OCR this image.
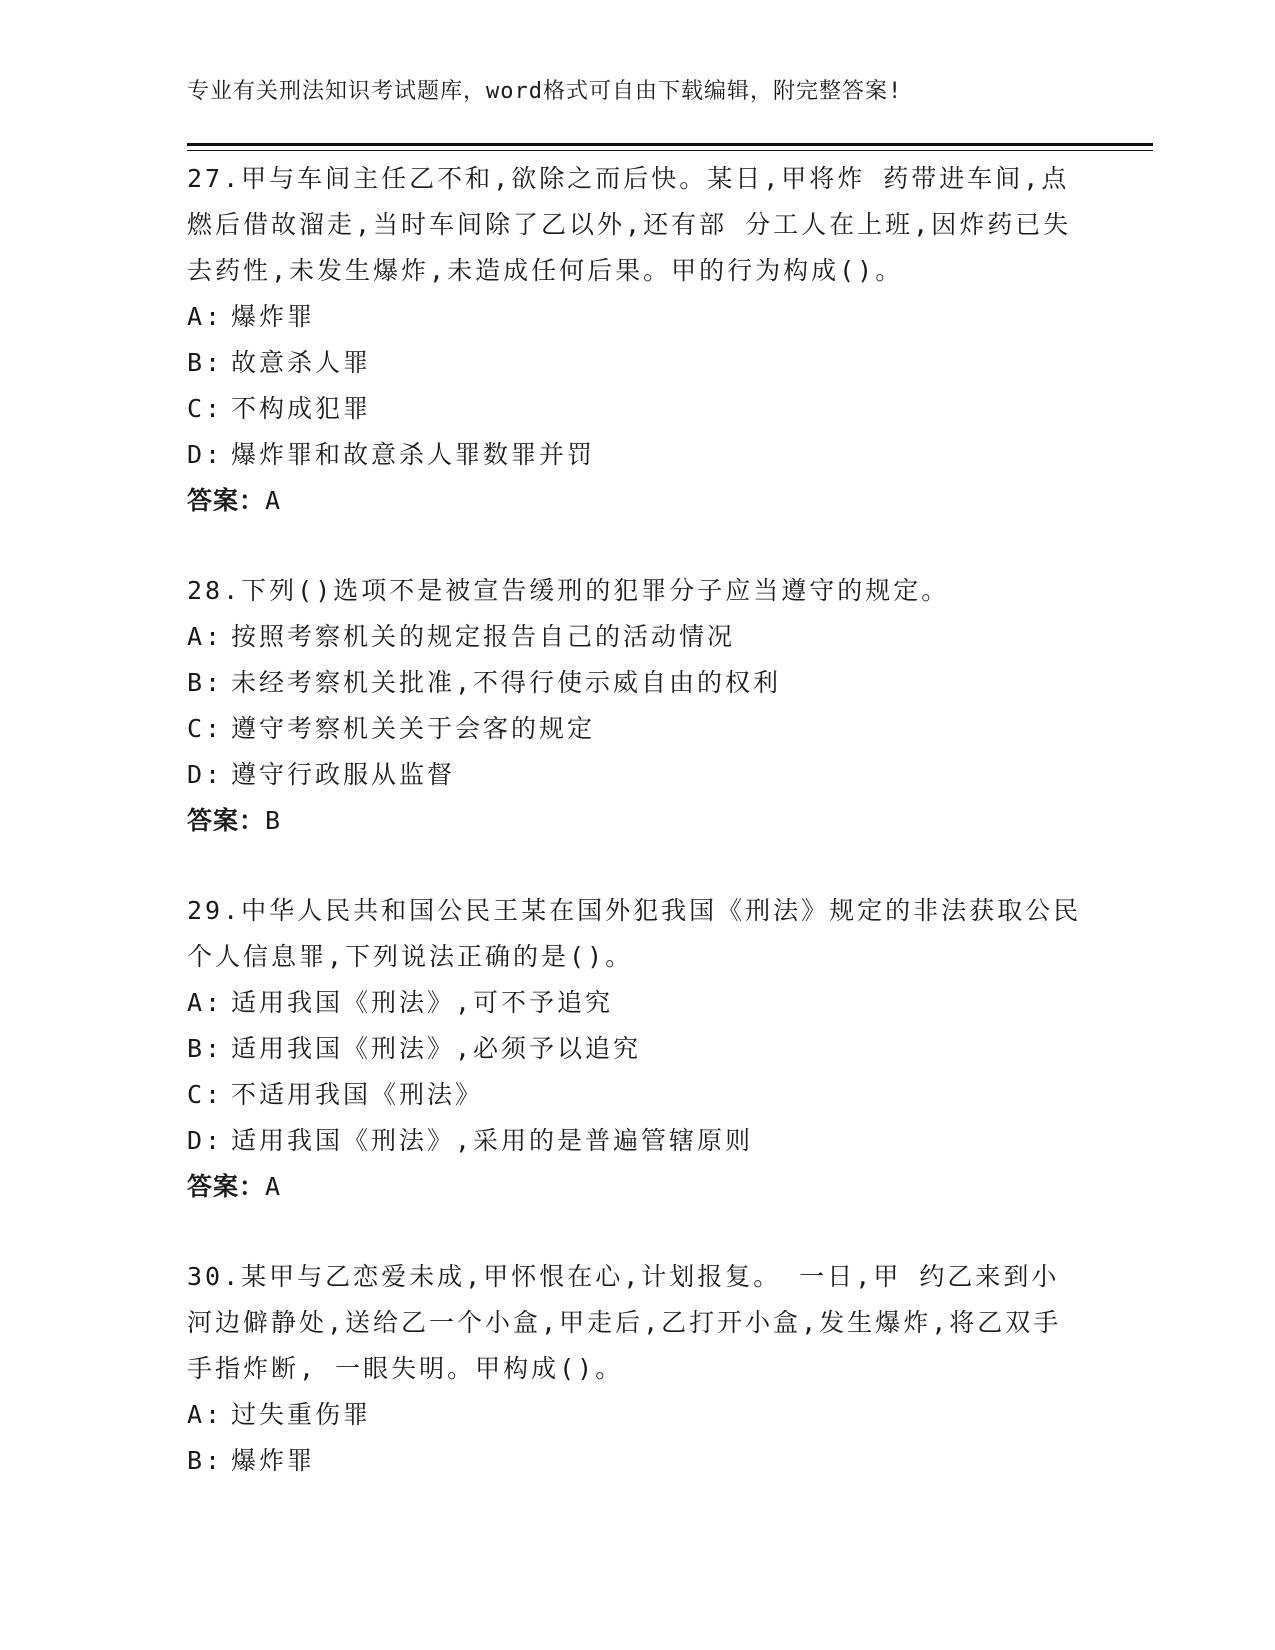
专业有关刑法知识考试题库，word格式可自由下载编辑，附完整答案!

27.甲与车间主任乙不和,欲除之而后快。某日,甲将炸 药带进车间,点燃后借故溜走,当时车间除了乙以外,还有部 分工人在上班,因炸药已失去药性,未发生爆炸,未造成任何后果。甲的行为构成()。

A: 爆炸罪
B: 故意杀人罪
C: 不构成犯罪
D: 爆炸罪和故意杀人罪数罪并罚
答案：A

28.下列()选项不是被宣告缓刑的犯罪分子应当遵守的规定。

A: 按照考察机关的规定报告自己的活动情况
B: 未经考察机关批准,不得行使示威自由的权利
C: 遵守考察机关关于会客的规定
D: 遵守行政服从监督
答案：B

29.中华人民共和国公民王某在国外犯我国《刑法》规定的非法获取公民个人信息罪,下列说法正确的是()。

A: 适用我国《刑法》,可不予追究
B: 适用我国《刑法》,必须予以追究
C: 不适用我国《刑法》
D: 适用我国《刑法》,采用的是普遍管辖原则
答案：A

30.某甲与乙恋爱未成,甲怀恨在心,计划报复。 一日,甲 约乙来到小河边僻静处,送给乙一个小盒,甲走后,乙打开小盒,发生爆炸,将乙双手手指炸断, 一眼失明。甲构成()。

A: 过失重伤罪
B: 爆炸罪
